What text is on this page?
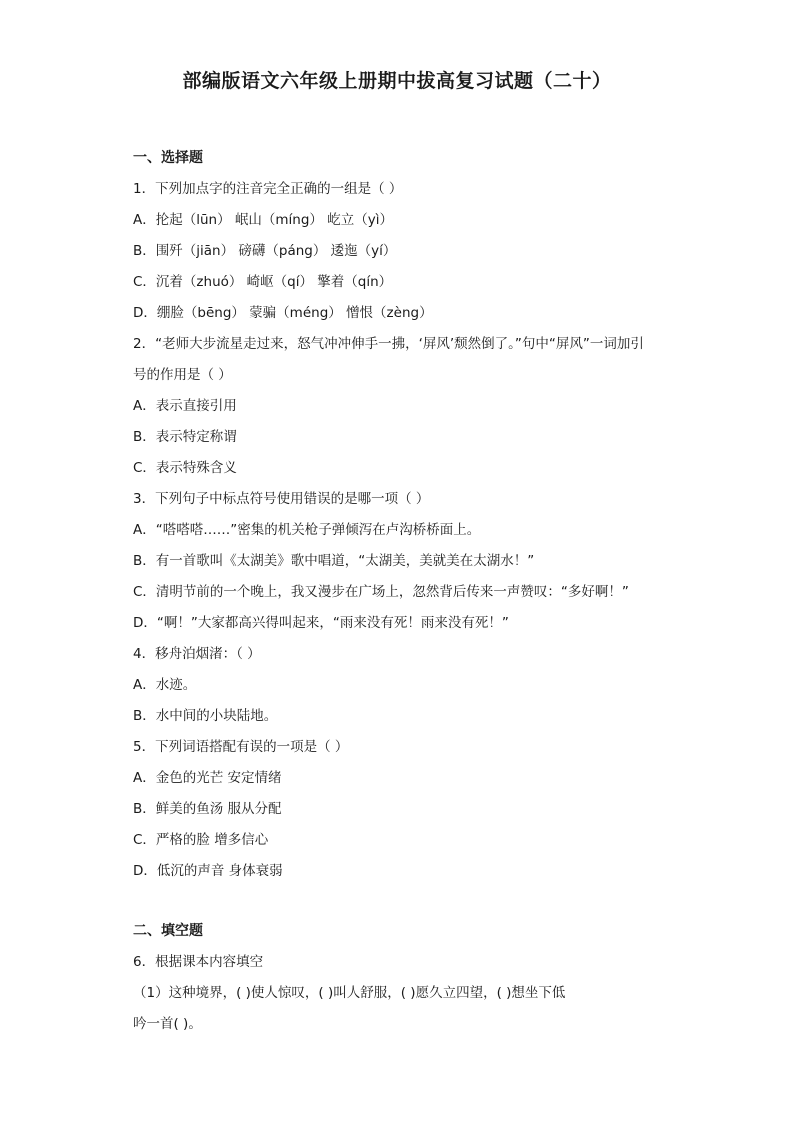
部编版语文六年级上册期中拔高复习试题（二十）
一、选择题
1．下列加点字的注音完全正确的一组是（ ）
A．抡起（lūn） 岷山（míng） 屹立（yì）
B．围歼（jiān） 磅礴（páng） 逶迤（yí）
C．沉着（zhuó） 崎岖（qí） 擎着（qín）
D．绷脸（bēng） 蒙骗（méng） 憎恨（zèng）
2．“老师大步流星走过来，怒气冲冲伸手一拂，‘屏风’颓然倒了。”句中“屏风”一词加引
号的作用是（ ）
A．表示直接引用
B．表示特定称谓
C．表示特殊含义
3．下列句子中标点符号使用错误的是哪一项（ ）
A．“嗒嗒嗒……”密集的机关枪子弹倾泻在卢沟桥桥面上。
B．有一首歌叫《太湖美》歌中唱道，“太湖美，美就美在太湖水！”
C．清明节前的一个晚上，我又漫步在广场上，忽然背后传来一声赞叹：“多好啊！”
D．“啊！”大家都高兴得叫起来，“雨来没有死！雨来没有死！”
4．移舟泊烟渚：（ ）
A．水迹。
B．水中间的小块陆地。
5．下列词语搭配有误的一项是（ ）
A．金色的光芒 安定情绪
B．鲜美的鱼汤 服从分配
C．严格的脸 增多信心
D．低沉的声音 身体衰弱
二、填空题
6．根据课本内容填空
（1）这种境界，( )使人惊叹，( )叫人舒服，( )愿久立四望，( )想坐下低
吟一首( )。
